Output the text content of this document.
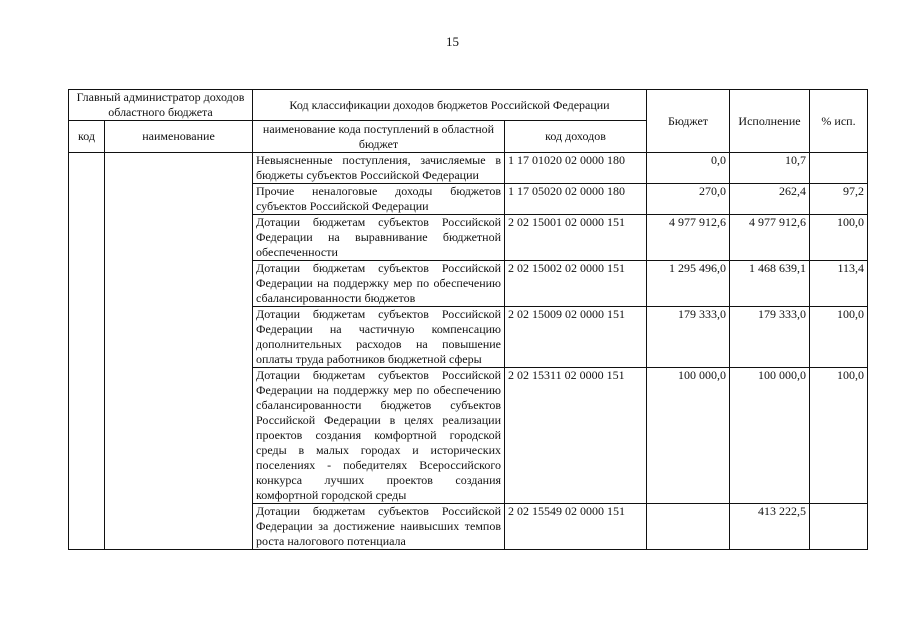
15
Главный администратор доходов областного бюджета		Код классификации доходов бюджетов Российской Федерации		Бюджет	Исполнение	% исп.
код	наименование	наименование кода поступлений в областной бюджет	код доходов			
		Невыясненные поступления, зачисляемые в бюджеты субъектов Российской Федерации	1 17 01020 02 0000 180	0,0	10,7	
		Прочие неналоговые доходы бюджетов субъектов Российской Федерации	1 17 05020 02 0000 180	270,0	262,4	97,2
		Дотации бюджетам субъектов Российской Федерации на выравнивание бюджетной обеспеченности	2 02 15001 02 0000 151	4 977 912,6	4 977 912,6	100,0
		Дотации бюджетам субъектов Российской Федерации на поддержку мер по обеспечению сбалансированности бюджетов	2 02 15002 02 0000 151	1 295 496,0	1 468 639,1	113,4
		Дотации бюджетам субъектов Российской Федерации на частичную компенсацию дополнительных расходов на повышение оплаты труда работников бюджетной сферы	2 02 15009 02 0000 151	179 333,0	179 333,0	100,0
		Дотации бюджетам субъектов Российской Федерации на поддержку мер по обеспечению сбалансированности бюджетов субъектов Российской Федерации в целях реализации проектов создания комфортной городской среды в малых городах и исторических поселениях - победителях Всероссийского конкурса лучших проектов создания комфортной городской среды	2 02 15311 02 0000 151	100 000,0	100 000,0	100,0
		Дотации бюджетам субъектов Российской Федерации за достижение наивысших темпов роста налогового потенциала	2 02 15549 02 0000 151		413 222,5	
